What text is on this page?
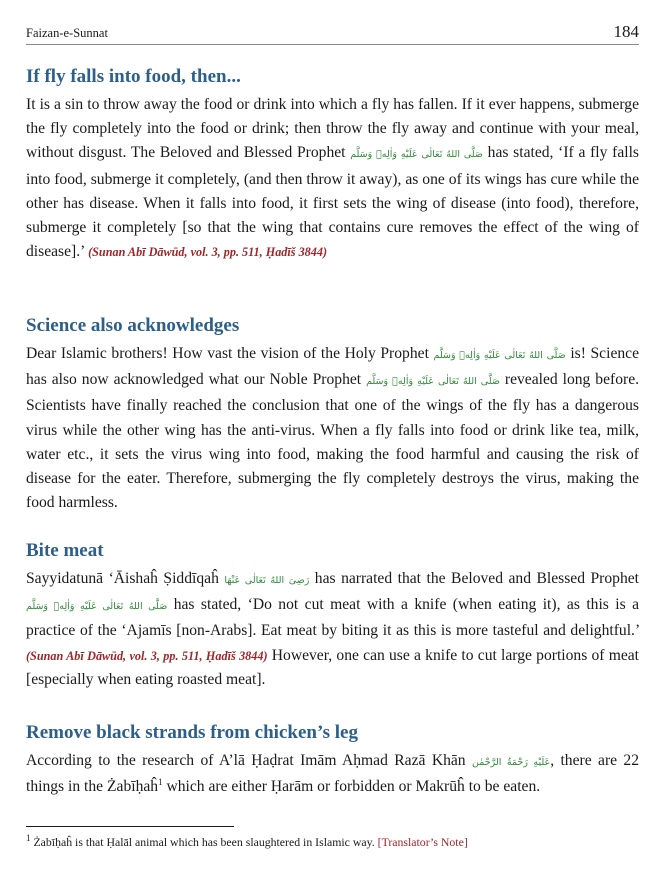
Faizan-e-Sunnat	184
If fly falls into food, then...

It is a sin to throw away the food or drink into which a fly has fallen. If it ever happens, submerge the fly completely into the food or drink; then throw the fly away and continue with your meal, without disgust. The Beloved and Blessed Prophet صَلَّى اللهُ تَعَالٰى عَلَيْهِ وَاٰلِهٖ وَسَلَّم has stated, ‘If a fly falls into food, submerge it completely, (and then throw it away), as one of its wings has cure while the other has disease. When it falls into food, it first sets the wing of disease (into food), therefore, submerge it completely [so that the wing that contains cure removes the effect of the wing of disease].’ (Sunan Abī Dāwūd, vol. 3, pp. 511, Ḥadīš 3844)

Science also acknowledges

Dear Islamic brothers! How vast the vision of the Holy Prophet صَلَّى اللهُ تَعَالٰى عَلَيْهِ وَاٰلِهٖ وَسَلَّم is! Science has also now acknowledged what our Noble Prophet صَلَّى اللهُ تَعَالٰى عَلَيْهِ وَاٰلِهٖ وَسَلَّم revealed long before. Scientists have finally reached the conclusion that one of the wings of the fly has a dangerous virus while the other wing has the anti-virus. When a fly falls into food or drink like tea, milk, water etc., it sets the virus wing into food, making the food harmful and causing the risk of disease for the eater. Therefore, submerging the fly completely destroys the virus, making the food harmless.

Bite meat

Sayyidatunā ‘Āishaĥ Ṣiddīqaĥ رَضِىَ اللهُ تَعَالٰى عَنْهَا has narrated that the Beloved and Blessed Prophet صَلَّى اللهُ تَعَالٰى عَلَيْهِ وَاٰلِهٖ وَسَلَّم has stated, ‘Do not cut meat with a knife (when eating it), as this is a practice of the ‘Ajamīs [non-Arabs]. Eat meat by biting it as this is more tasteful and delightful.’ (Sunan Abī Dāwūd, vol. 3, pp. 511, Ḥadīš 3844) However, one can use a knife to cut large portions of meat [especially when eating roasted meat].

Remove black strands from chicken’s leg

According to the research of A’lā Ḥaḍrat Imām Aḥmad Razā Khān عَلَيْهِ رَحْمَةُ الرَّحْمٰن, there are 22 things in the Żabīḥaĥ$^1$ which are either Ḥarām or forbidden or Makrūĥ to be eaten.

$^1$ Żabīḥaĥ is that Ḥalāl animal which has been slaughtered in Islamic way. [Translator’s Note]
